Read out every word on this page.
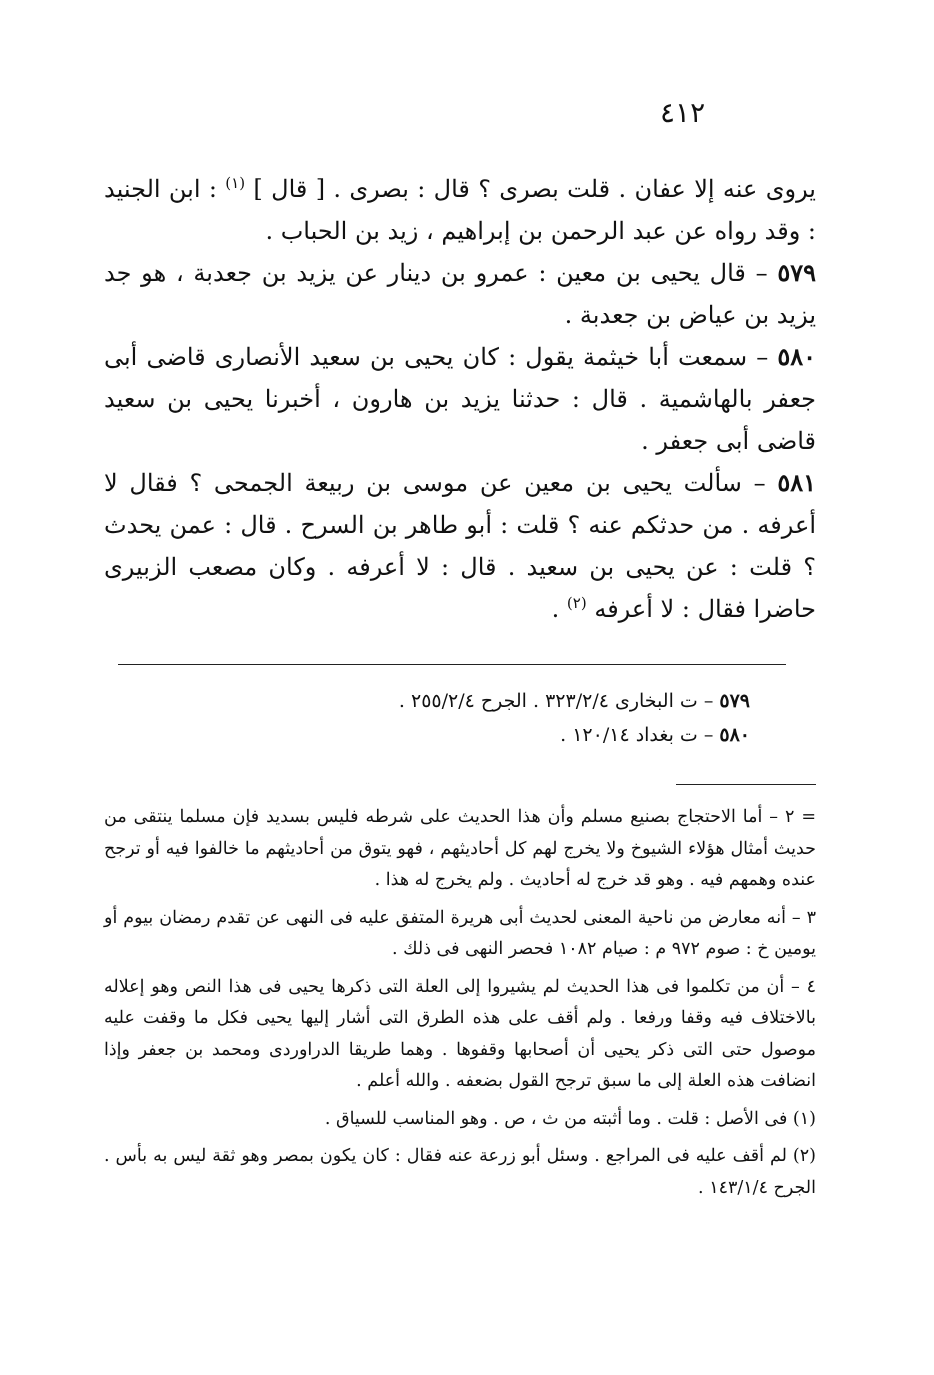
٤١٢

يروى عنه إلا عفان . قلت بصرى ؟ قال : بصرى . [ قال ] $^{(١)}$ : ابن الجنيد : وقد رواه عن عبد الرحمن بن إبراهيم ، زيد بن الحباب .

٥٧٩ – قال يحيى بن معين : عمرو بن دينار عن يزيد بن جعدبة ، هو جد يزيد بن عياض بن جعدبة .

٥٨٠ – سمعت أبا خيثمة يقول : كان يحيى بن سعيد الأنصارى قاضى أبى جعفر بالهاشمية . قال : حدثنا يزيد بن هارون ، أخبرنا يحيى بن سعيد قاضى أبى جعفر .

٥٨١ – سألت يحيى بن معين عن موسى بن ربيعة الجمحى ؟ فقال لا أعرفه . من حدثكم عنه ؟ قلت : أبو طاهر بن السرح . قال : عمن يحدث ؟ قلت : عن يحيى بن سعيد . قال : لا أعرفه . وكان مصعب الزبيرى حاضرا فقال : لا أعرفه $^{(٢)}$ .

٥٧٩ – ت البخارى ٣٢٣/٢/٤ . الجرح ٢٥٥/٢/٤ .

٥٨٠ – ت بغداد ١٢٠/١٤ .

= ٢ – أما الاحتجاج بصنيع مسلم وأن هذا الحديث على شرطه فليس بسديد فإن مسلما ينتقى من حديث أمثال هؤلاء الشيوخ ولا يخرج لهم كل أحاديثهم ، فهو يتوق من أحاديثهم ما خالفوا فيه أو ترجح عنده وهمهم فيه . وهو قد خرج له أحاديث . ولم يخرج له هذا .

٣ – أنه معارض من ناحية المعنى لحديث أبى هريرة المتفق عليه فى النهى عن تقدم رمضان بيوم أو يومين خ : صوم ٩٧٢ م : صيام ١٠٨٢ فحصر النهى فى ذلك .

٤ – أن من تكلموا فى هذا الحديث لم يشيروا إلى العلة التى ذكرها يحيى فى هذا النص وهو إعلاله بالاختلاف فيه وقفا ورفعا . ولم أقف على هذه الطرق التى أشار إليها يحيى فكل ما وقفت عليه موصول حتى التى ذكر يحيى أن أصحابها وقفوها . وهما طريقا الدراوردى ومحمد بن جعفر وإذا انضافت هذه العلة إلى ما سبق ترجح القول بضعفه . والله أعلم .

(١) فى الأصل : قلت . وما أثبته من ث ، ص . وهو المناسب للسياق .

(٢) لم أقف عليه فى المراجع . وسئل أبو زرعة عنه فقال : كان يكون بمصر وهو ثقة ليس به بأس . الجرح ١٤٣/١/٤ .
